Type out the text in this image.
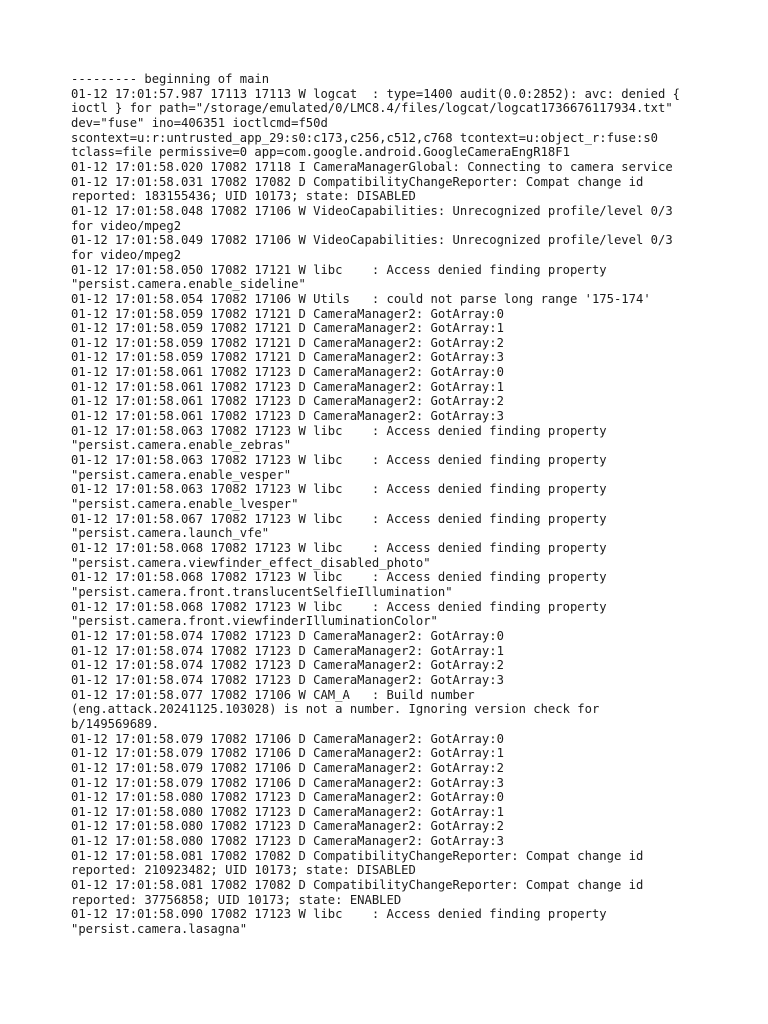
--------- beginning of main
01-12 17:01:57.987 17113 17113 W logcat  : type=1400 audit(0.0:2852): avc: denied {
ioctl } for path="/storage/emulated/0/LMC8.4/files/logcat/logcat1736676117934.txt"
dev="fuse" ino=406351 ioctlcmd=f50d
scontext=u:r:untrusted_app_29:s0:c173,c256,c512,c768 tcontext=u:object_r:fuse:s0
tclass=file permissive=0 app=com.google.android.GoogleCameraEngR18F1
01-12 17:01:58.020 17082 17118 I CameraManagerGlobal: Connecting to camera service
01-12 17:01:58.031 17082 17082 D CompatibilityChangeReporter: Compat change id
reported: 183155436; UID 10173; state: DISABLED
01-12 17:01:58.048 17082 17106 W VideoCapabilities: Unrecognized profile/level 0/3
for video/mpeg2
01-12 17:01:58.049 17082 17106 W VideoCapabilities: Unrecognized profile/level 0/3
for video/mpeg2
01-12 17:01:58.050 17082 17121 W libc    : Access denied finding property
"persist.camera.enable_sideline"
01-12 17:01:58.054 17082 17106 W Utils   : could not parse long range '175-174'
01-12 17:01:58.059 17082 17121 D CameraManager2: GotArray:0
01-12 17:01:58.059 17082 17121 D CameraManager2: GotArray:1
01-12 17:01:58.059 17082 17121 D CameraManager2: GotArray:2
01-12 17:01:58.059 17082 17121 D CameraManager2: GotArray:3
01-12 17:01:58.061 17082 17123 D CameraManager2: GotArray:0
01-12 17:01:58.061 17082 17123 D CameraManager2: GotArray:1
01-12 17:01:58.061 17082 17123 D CameraManager2: GotArray:2
01-12 17:01:58.061 17082 17123 D CameraManager2: GotArray:3
01-12 17:01:58.063 17082 17123 W libc    : Access denied finding property
"persist.camera.enable_zebras"
01-12 17:01:58.063 17082 17123 W libc    : Access denied finding property
"persist.camera.enable_vesper"
01-12 17:01:58.063 17082 17123 W libc    : Access denied finding property
"persist.camera.enable_lvesper"
01-12 17:01:58.067 17082 17123 W libc    : Access denied finding property
"persist.camera.launch_vfe"
01-12 17:01:58.068 17082 17123 W libc    : Access denied finding property
"persist.camera.viewfinder_effect_disabled_photo"
01-12 17:01:58.068 17082 17123 W libc    : Access denied finding property
"persist.camera.front.translucentSelfieIllumination"
01-12 17:01:58.068 17082 17123 W libc    : Access denied finding property
"persist.camera.front.viewfinderIlluminationColor"
01-12 17:01:58.074 17082 17123 D CameraManager2: GotArray:0
01-12 17:01:58.074 17082 17123 D CameraManager2: GotArray:1
01-12 17:01:58.074 17082 17123 D CameraManager2: GotArray:2
01-12 17:01:58.074 17082 17123 D CameraManager2: GotArray:3
01-12 17:01:58.077 17082 17106 W CAM_A   : Build number
(eng.attack.20241125.103028) is not a number. Ignoring version check for
b/149569689.
01-12 17:01:58.079 17082 17106 D CameraManager2: GotArray:0
01-12 17:01:58.079 17082 17106 D CameraManager2: GotArray:1
01-12 17:01:58.079 17082 17106 D CameraManager2: GotArray:2
01-12 17:01:58.079 17082 17106 D CameraManager2: GotArray:3
01-12 17:01:58.080 17082 17123 D CameraManager2: GotArray:0
01-12 17:01:58.080 17082 17123 D CameraManager2: GotArray:1
01-12 17:01:58.080 17082 17123 D CameraManager2: GotArray:2
01-12 17:01:58.080 17082 17123 D CameraManager2: GotArray:3
01-12 17:01:58.081 17082 17082 D CompatibilityChangeReporter: Compat change id
reported: 210923482; UID 10173; state: DISABLED
01-12 17:01:58.081 17082 17082 D CompatibilityChangeReporter: Compat change id
reported: 37756858; UID 10173; state: ENABLED
01-12 17:01:58.090 17082 17123 W libc    : Access denied finding property
"persist.camera.lasagna"
